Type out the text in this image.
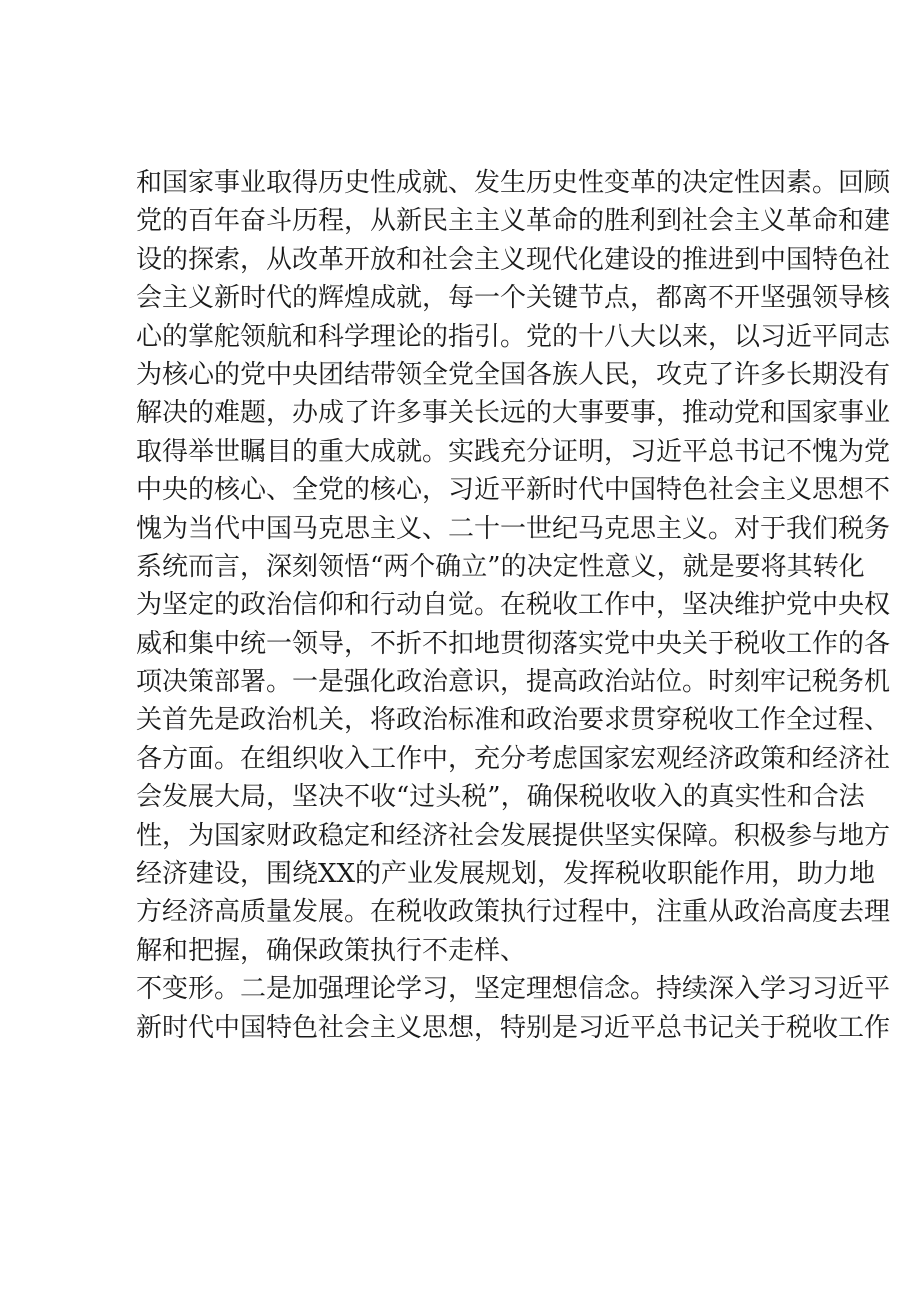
和国家事业取得历史性成就、发生历史性变革的决定性因素。回顾
党的百年奋斗历程，从新民主主义革命的胜利到社会主义革命和建
设的探索，从改革开放和社会主义现代化建设的推进到中国特色社
会主义新时代的辉煌成就，每一个关键节点，都离不开坚强领导核
心的掌舵领航和科学理论的指引。党的十八大以来，以习近平同志
为核心的党中央团结带领全党全国各族人民，攻克了许多长期没有
解决的难题，办成了许多事关长远的大事要事，推动党和国家事业
取得举世瞩目的重大成就。实践充分证明，习近平总书记不愧为党
中央的核心、全党的核心，习近平新时代中国特色社会主义思想不
愧为当代中国马克思主义、二十一世纪马克思主义。对于我们税务
系统而言，深刻领悟“两个确立”的决定性意义，就是要将其转化
为坚定的政治信仰和行动自觉。在税收工作中，坚决维护党中央权
威和集中统一领导，不折不扣地贯彻落实党中央关于税收工作的各
项决策部署。一是强化政治意识，提高政治站位。时刻牢记税务机
关首先是政治机关，将政治标准和政治要求贯穿税收工作全过程、
各方面。在组织收入工作中，充分考虑国家宏观经济政策和经济社
会发展大局，坚决不收“过头税”，确保税收收入的真实性和合法
性，为国家财政稳定和经济社会发展提供坚实保障。积极参与地方
经济建设，围绕XX的产业发展规划，发挥税收职能作用，助力地
方经济高质量发展。在税收政策执行过程中，注重从政治高度去理
解和把握，确保政策执行不走样、
不变形。二是加强理论学习，坚定理想信念。持续深入学习习近平
新时代中国特色社会主义思想，特别是习近平总书记关于税收工作
